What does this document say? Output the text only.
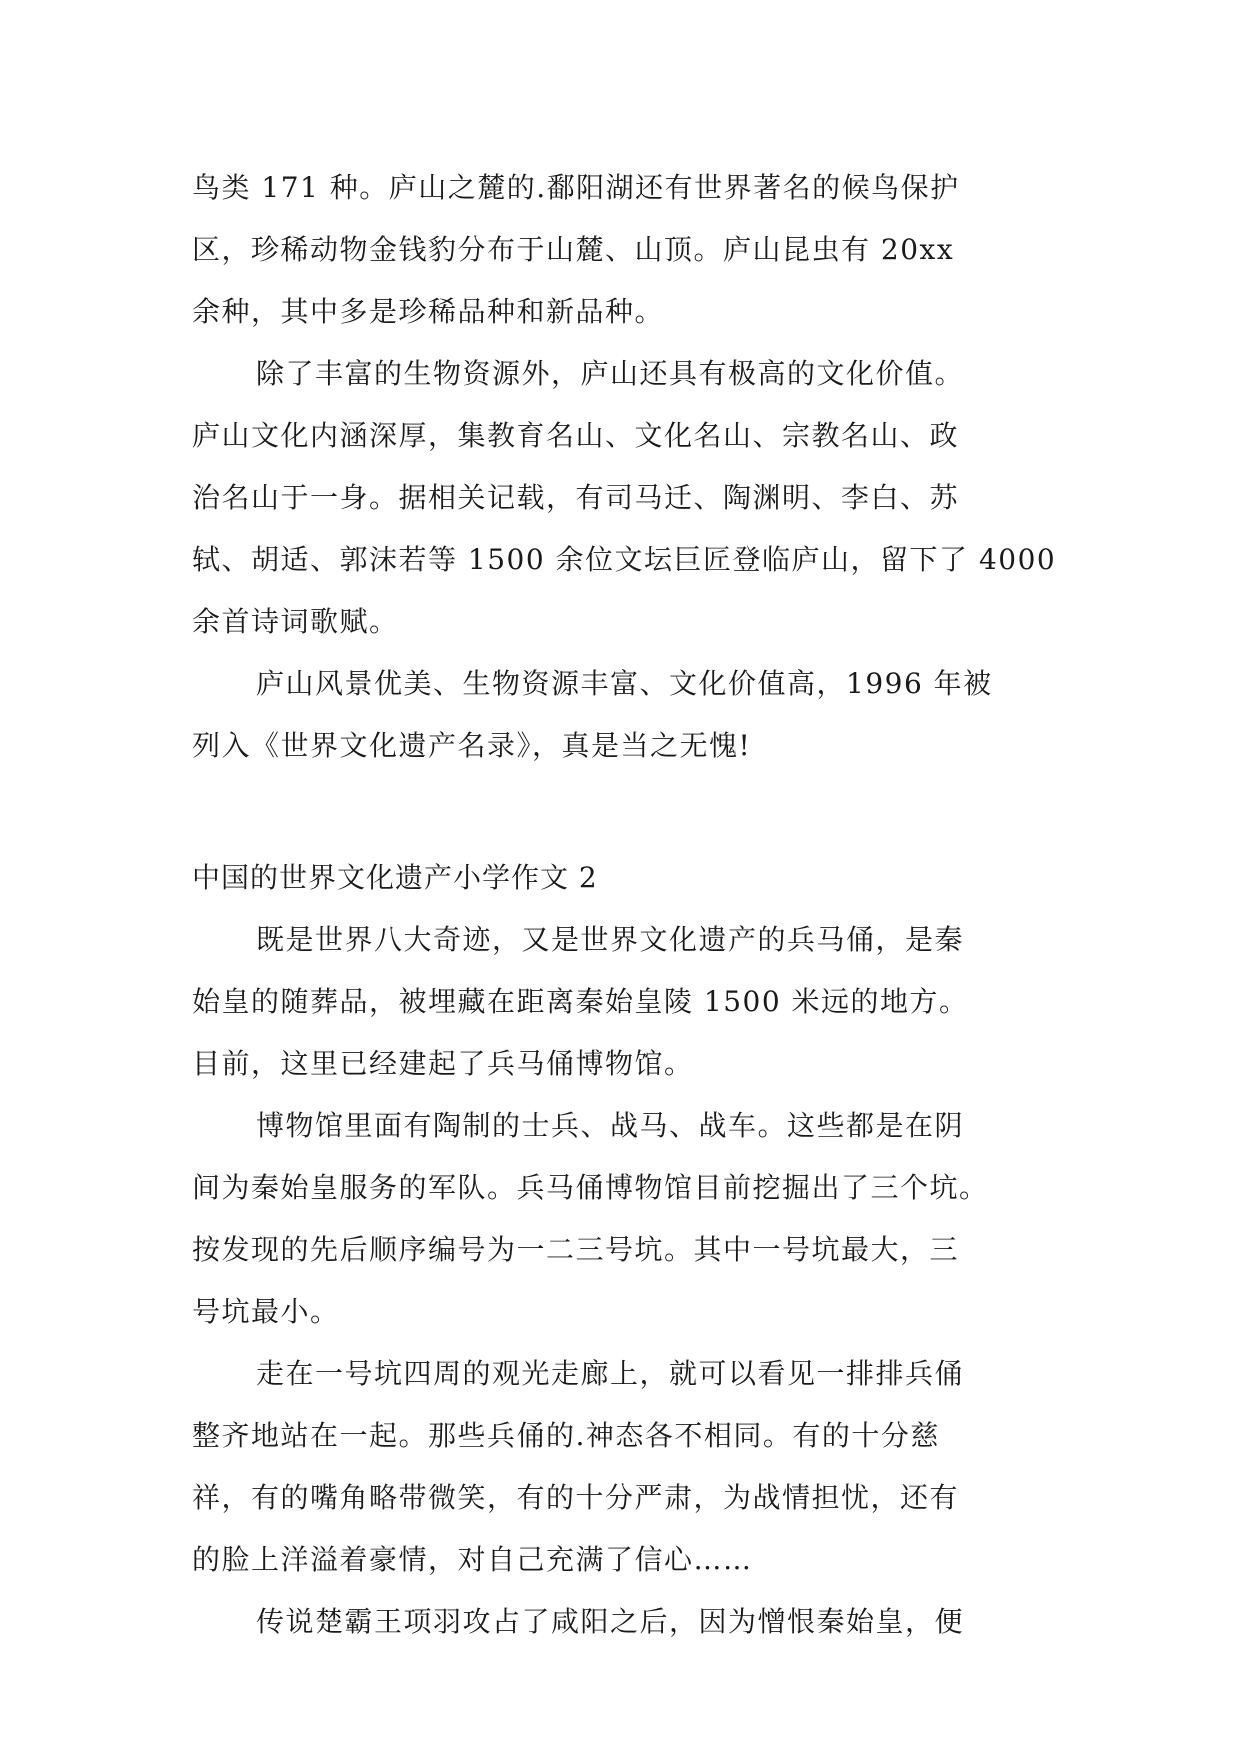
鸟类 171 种。庐山之麓的.鄱阳湖还有世界著名的候鸟保护
区，珍稀动物金钱豹分布于山麓、山顶。庐山昆虫有 20xx
余种，其中多是珍稀品种和新品种。
除了丰富的生物资源外，庐山还具有极高的文化价值。
庐山文化内涵深厚，集教育名山、文化名山、宗教名山、政
治名山于一身。据相关记载，有司马迁、陶渊明、李白、苏
轼、胡适、郭沫若等 1500 余位文坛巨匠登临庐山，留下了 4000
余首诗词歌赋。
庐山风景优美、生物资源丰富、文化价值高，1996 年被
列入《世界文化遗产名录》，真是当之无愧!
中国的世界文化遗产小学作文 2
既是世界八大奇迹，又是世界文化遗产的兵马俑，是秦
始皇的随葬品，被埋藏在距离秦始皇陵 1500 米远的地方。
目前，这里已经建起了兵马俑博物馆。
博物馆里面有陶制的士兵、战马、战车。这些都是在阴
间为秦始皇服务的军队。兵马俑博物馆目前挖掘出了三个坑。
按发现的先后顺序编号为一二三号坑。其中一号坑最大，三
号坑最小。
走在一号坑四周的观光走廊上，就可以看见一排排兵俑
整齐地站在一起。那些兵俑的.神态各不相同。有的十分慈
祥，有的嘴角略带微笑，有的十分严肃，为战情担忧，还有
的脸上洋溢着豪情，对自己充满了信心……
传说楚霸王项羽攻占了咸阳之后，因为憎恨秦始皇，便
